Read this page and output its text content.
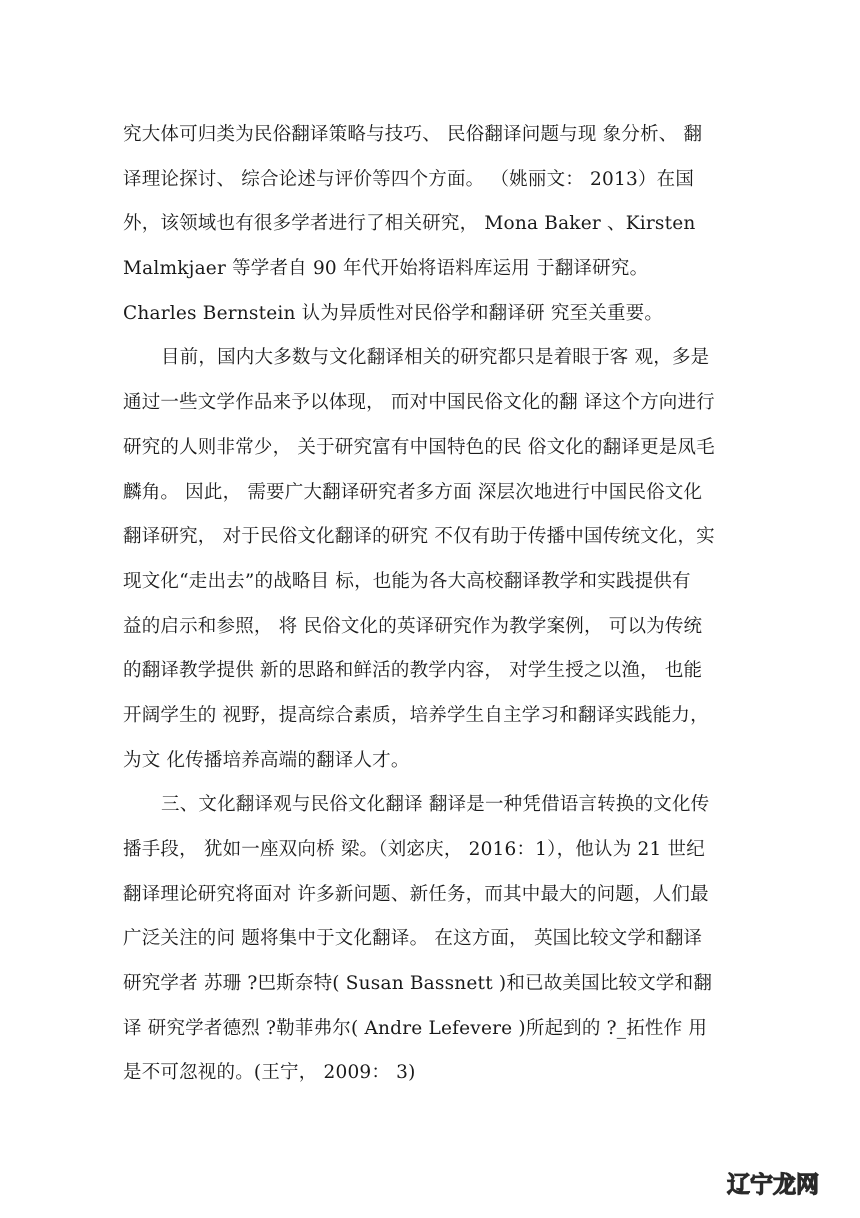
究大体可归类为民俗翻译策略与技巧、 民俗翻译问题与现 象分析、 翻
译理论探讨、 综合论述与评价等四个方面。 （姚丽文： 2013）在国
外，该领域也有很多学者进行了相关研究， Mona Baker 、Kirsten
Malmkjaer 等学者自 90 年代开始将语料库运用 于翻译研究。
Charles Bernstein 认为异质性对民俗学和翻译研 究至关重要。
目前，国内大多数与文化翻译相关的研究都只是着眼于客 观，多是
通过一些文学作品来予以体现， 而对中国民俗文化的翻 译这个方向进行
研究的人则非常少， 关于研究富有中国特色的民 俗文化的翻译更是凤毛
麟角。 因此， 需要广大翻译研究者多方面 深层次地进行中国民俗文化
翻译研究， 对于民俗文化翻译的研究 不仅有助于传播中国传统文化，实
现文化“走出去”的战略目 标，也能为各大高校翻译教学和实践提供有
益的启示和参照， 将 民俗文化的英译研究作为教学案例， 可以为传统
的翻译教学提供 新的思路和鲜活的教学内容， 对学生授之以渔， 也能
开阔学生的 视野，提高综合素质，培养学生自主学习和翻译实践能力，
为文 化传播培养高端的翻译人才。
三、文化翻译观与民俗文化翻译 翻译是一种凭借语言转换的文化传
播手段， 犹如一座双向桥 梁。（刘宓庆， 2016：1），他认为 21 世纪
翻译理论研究将面对 许多新问题、新任务，而其中最大的问题，人们最
广泛关注的问 题将集中于文化翻译。 在这方面， 英国比较文学和翻译
研究学者 苏珊 ?巴斯奈特( Susan Bassnett )和已故美国比较文学和翻
译 研究学者德烈 ?勒菲弗尔( Andre Lefevere )所起到的 ?_拓性作 用
是不可忽视的。(王宁， 2009： 3)
辽宁 龙网
